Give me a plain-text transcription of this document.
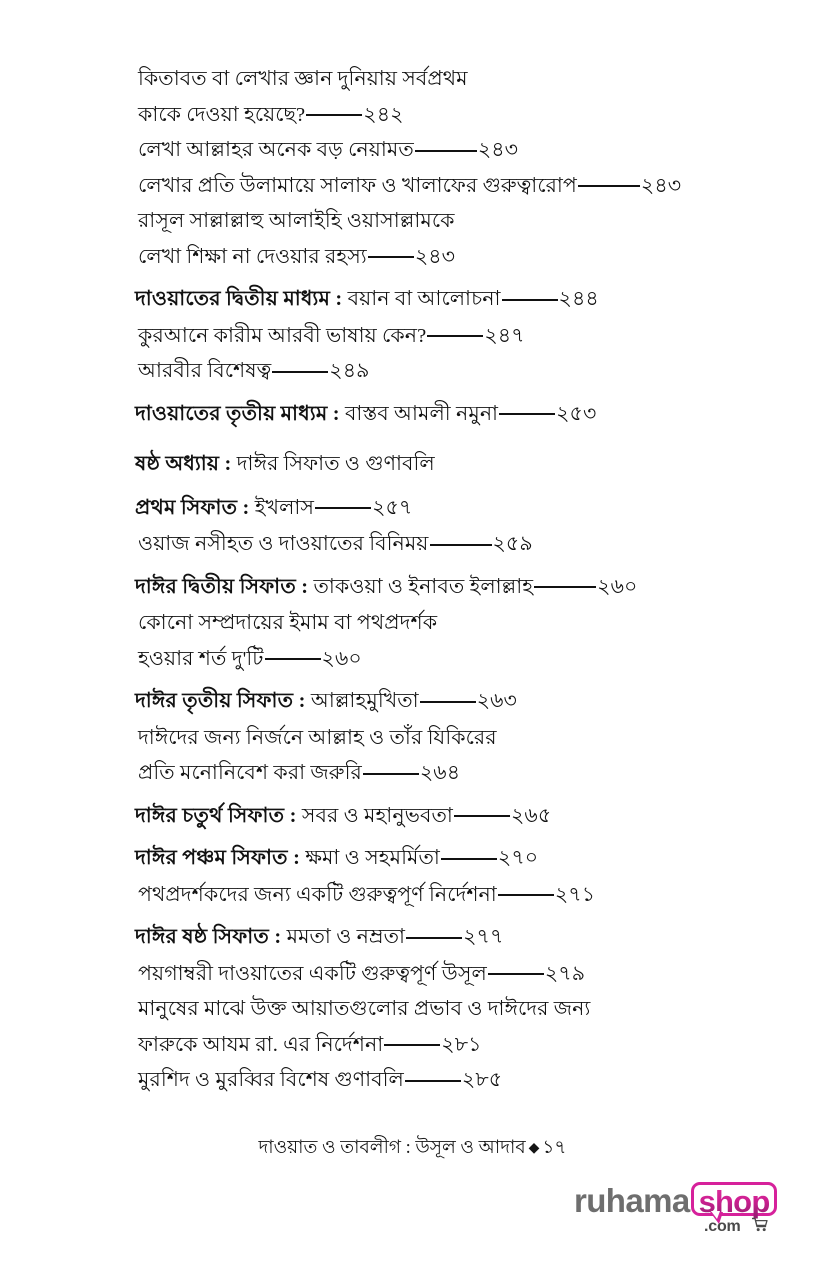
কিতাবত বা লেখার জ্ঞান দুনিয়ায় সর্বপ্রথম
কাকে দেওয়া হয়েছে?	২৪২
লেখা আল্লাহর অনেক বড় নেয়ামত	২৪৩
লেখার প্রতি উলামায়ে সালাফ ও খালাফের গুরুত্বারোপ	২৪৩
রাসূল সাল্লাল্লাহু আলাইহি ওয়াসাল্লামকে
লেখা শিক্ষা না দেওয়ার রহস্য ২৪৩
দাওয়াতের দ্বিতীয় মাধ্যম : বয়ান বা আলোচনা	২৪৪
কুরআনে কারীম আরবী ভাষায় কেন?	২৪৭
আরবীর বিশেষত্ব	২৪৯
দাওয়াতের তৃতীয় মাধ্যম : বাস্তব আমলী নমুনা	২৫৩
ষষ্ঠ অধ্যায় : দাঈর সিফাত ও গুণাবলি
প্রথম সিফাত : ইখলাস	২৫৭
ওয়াজ নসীহত ও দাওয়াতের বিনিময়	২৫৯
দাঈর দ্বিতীয় সিফাত : তাকওয়া ও ইনাবত ইলাল্লাহ	২৬০
কোনো সম্প্রদায়ের ইমাম বা পথপ্রদর্শক
হওয়ার শর্ত দু'টি	২৬০
দাঈর তৃতীয় সিফাত : আল্লাহমুখিতা	২৬৩
দাঈদের জন্য নির্জনে আল্লাহ ও তাঁর যিকিরের
প্রতি মনোনিবেশ করা জরুরি	২৬৪
দাঈর চতুর্থ সিফাত : সবর ও মহানুভবতা	২৬৫
দাঈর পঞ্চম সিফাত : ক্ষমা ও সহমর্মিতা	২৭০
পথপ্রদর্শকদের জন্য একটি গুরুত্বপূর্ণ নির্দেশনা	২৭১
দাঈর ষষ্ঠ সিফাত : মমতা ও নম্রতা	২৭৭
পয়গাম্বরী দাওয়াতের একটি গুরুত্বপূর্ণ উসূল	২৭৯
মানুষের মাঝে উক্ত আয়াতগুলোর প্রভাব ও দাঈদের জন্য
ফারুকে আযম রা. এর নির্দেশনা	২৮১
মুরশিদ ও মুরব্বির বিশেষ গুণাবলি	২৮৫
দাওয়াত ও তাবলীগ : উসূল ও আদাব ◆ ১৭
ruhama shop
.com
